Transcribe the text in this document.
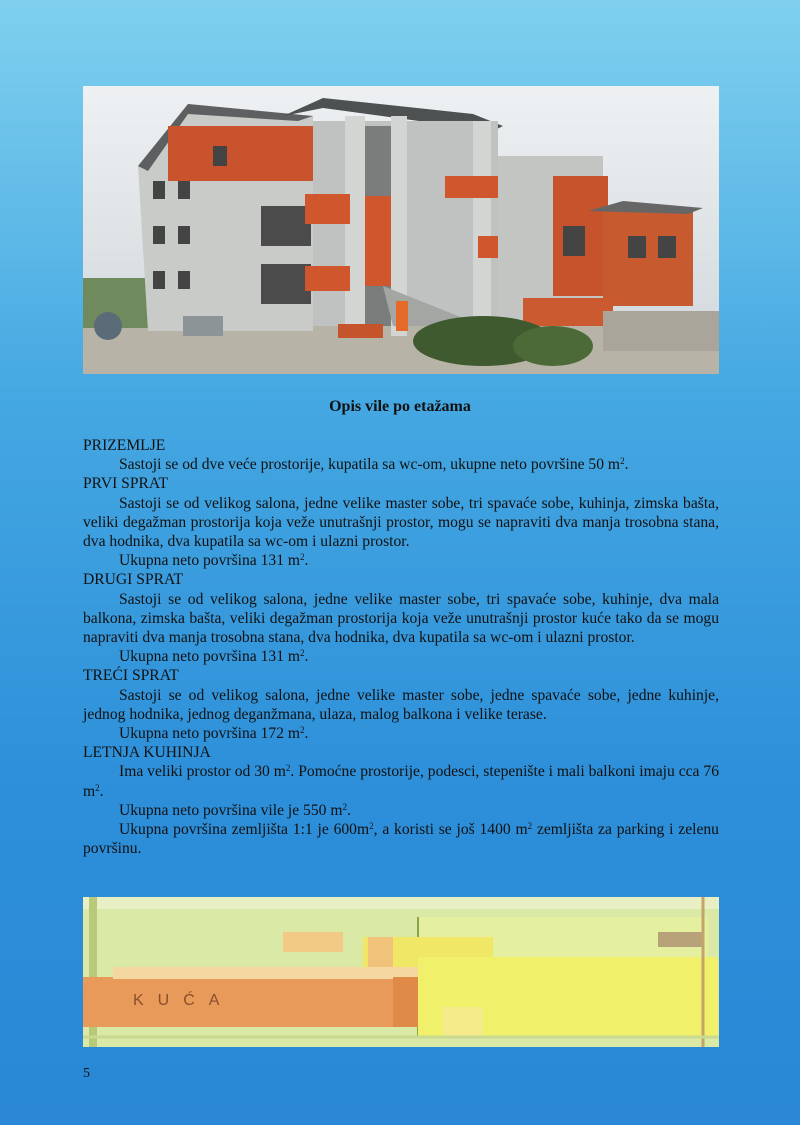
Opis vile po etažama

PRIZEMLJE

Sastoji se od dve veće prostorije, kupatila sa wc-om, ukupne neto površine 50 $m^2$.

PRVI SPRAT

Sastoji se od velikog salona, jedne velike master sobe, tri spavaće sobe, kuhinja, zimska bašta, veliki degažman prostorija koja veže unutrašnji prostor, mogu se napraviti dva manja trosobna stana, dva hodnika, dva kupatila sa wc-om i ulazni prostor.

Ukupna neto površina 131 $m^2$.

DRUGI SPRAT

Sastoji se od velikog salona, jedne velike master sobe, tri spavaće sobe, kuhinje, dva mala balkona, zimska bašta, veliki degažman prostorija koja veže unutrašnji prostor kuće tako da se mogu napraviti dva manja trosobna stana, dva hodnika, dva kupatila sa wc-om i ulazni prostor.

Ukupna neto površina 131 $m^2$.

TREĆI SPRAT

Sastoji se od velikog salona, jedne velike master sobe, jedne spavaće sobe, jedne kuhinje, jednog hodnika, jednog deganžmana, ulaza, malog balkona i velike terase.

Ukupna neto površina 172 $m^2$.

LETNJA KUHINJA

Ima veliki prostor od 30 $m^2$. Pomoćne prostorije, podesci, stepenište i mali balkoni imaju cca 76 $m^2$.

Ukupna neto površina vile je 550 $m^2$.

Ukupna površina zemljišta 1:1 je $600m^2$, a koristi se još 1400 $m^2$ zemljišta za parking i zelenu površinu.

KUĆA
5
